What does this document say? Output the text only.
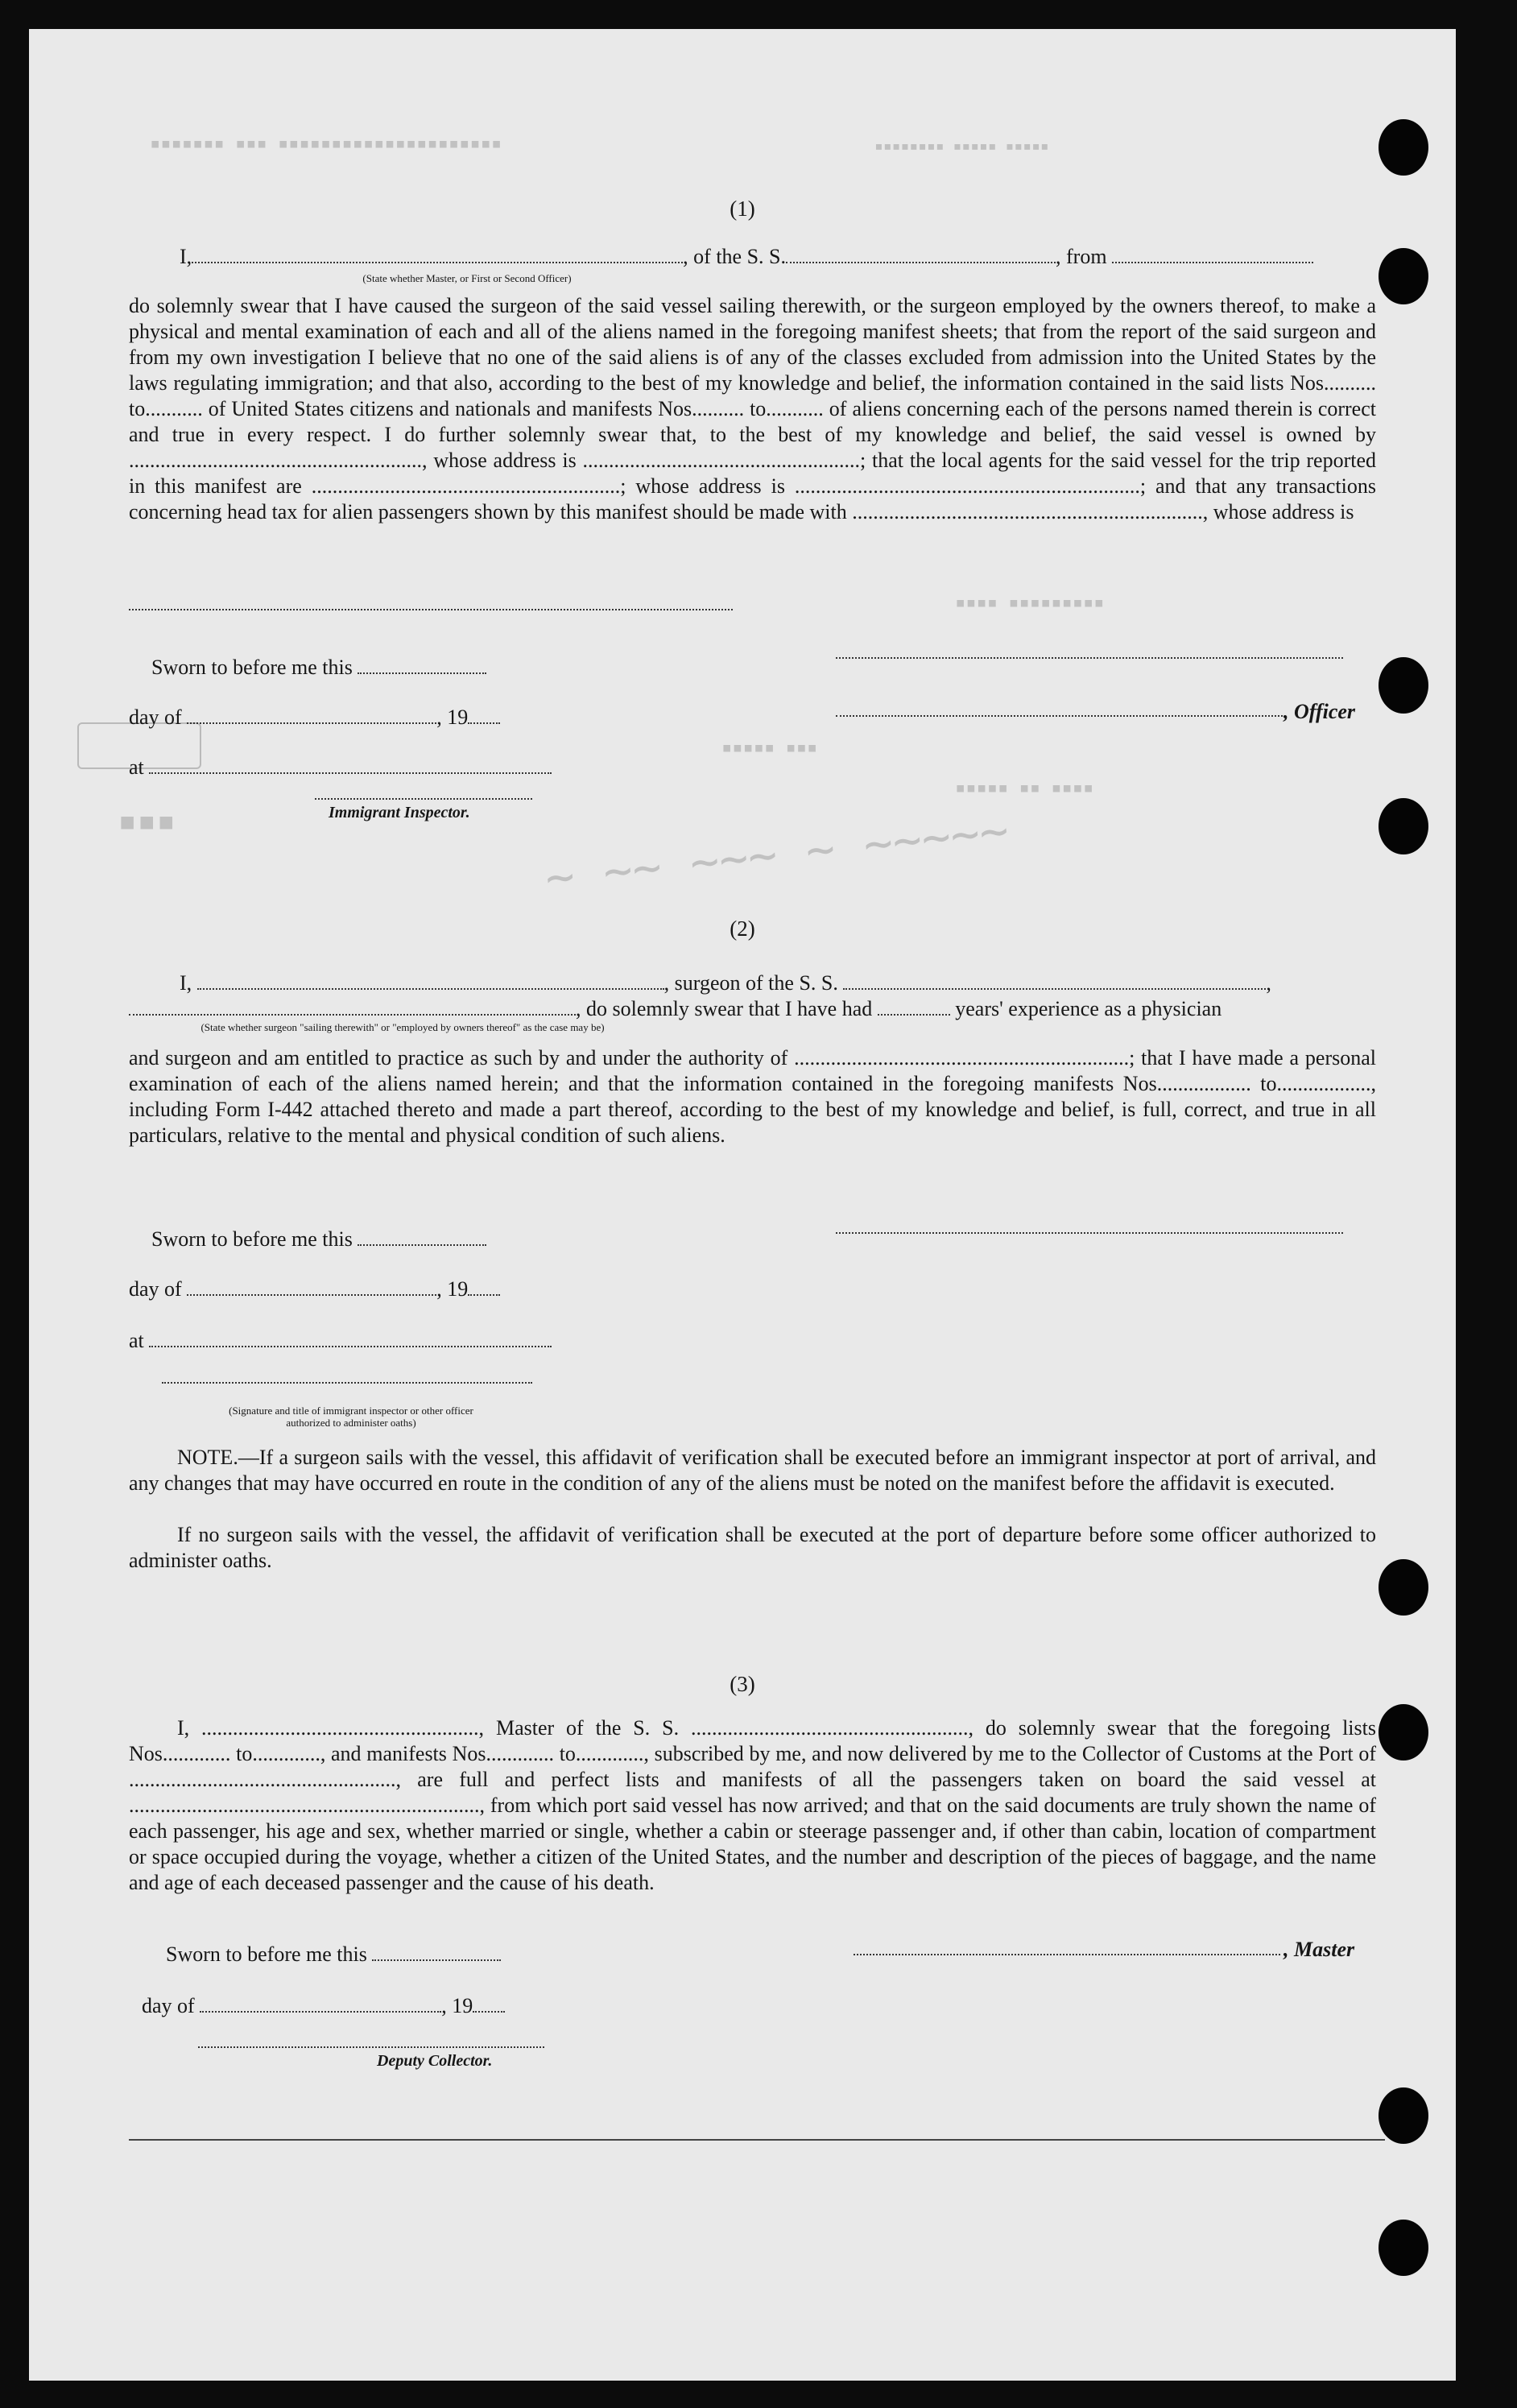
▪▪▪▪▪▪▪ ▪▪▪ ▪▪▪▪▪▪▪▪▪▪▪▪▪▪▪▪▪▪▪▪▪	▪▪▪▪▪▪▪▪ ▪▪▪▪▪ ▪▪▪▪▪
~ ~~ ~~~ ~ ~~~~~
▪▪▪▪ ▪▪▪▪▪▪▪▪▪
▪▪▪▪▪ ▪▪ ▪▪▪▪
▪▪▪▪▪ ▪▪▪
▪▪▪
(1)
I,	, of the S. S.	, from
(State whether Master, or First or Second Officer)
do solemnly swear that I have caused the surgeon of the said vessel sailing therewith, or the surgeon employed by the owners thereof, to make a physical and mental examination of each and all of the aliens named in the foregoing manifest sheets; that from the report of the said surgeon and from my own investigation I believe that no one of the said aliens is of any of the classes excluded from admission into the United States by the laws regulating immigration; and that also, according to the best of my knowledge and belief, the information contained in the said lists Nos.......... to........... of United States citizens and nationals and manifests Nos.......... to........... of aliens concerning each of the persons named therein is correct and true in every respect. I do further solemnly swear that, to the best of my knowledge and belief, the said vessel is owned by ........................................................, whose address is .....................................................; that the local agents for the said vessel for the trip reported in this manifest are ...........................................................; whose address is ..................................................................; and that any transactions concerning head tax for alien passengers shown by this manifest should be made with ..................................................................., whose address is
Sworn to before me this
day of	, 19	, Officer
at
Immigrant Inspector.
(2)
I,	, surgeon of the S. S.	,
, do solemnly swear that I have had	years' experience as a physician
(State whether surgeon "sailing therewith" or "employed by owners thereof" as the case may be)
and surgeon and am entitled to practice as such by and under the authority of ................................................................; that I have made a personal examination of each of the aliens named herein; and that the information contained in the foregoing manifests Nos.................. to.................., including Form I-442 attached thereto and made a part thereof, according to the best of my knowledge and belief, is full, correct, and true in all particulars, relative to the mental and physical condition of such aliens.
Sworn to before me this
day of	, 19
at
(Signature and title of immigrant inspector or other officer authorized to administer oaths)
NOTE.—If a surgeon sails with the vessel, this affidavit of verification shall be executed before an immigrant inspector at port of arrival, and any changes that may have occurred en route in the condition of any of the aliens must be noted on the manifest before the affidavit is executed.
If no surgeon sails with the vessel, the affidavit of verification shall be executed at the port of departure before some officer authorized to administer oaths.
(3)
I, ....................................................., Master of the S. S. ....................................................., do solemnly swear that the foregoing lists Nos............. to............., and manifests Nos............. to............., subscribed by me, and now delivered by me to the Collector of Customs at the Port of ..................................................., are full and perfect lists and manifests of all the passengers taken on board the said vessel at ..................................................................., from which port said vessel has now arrived; and that on the said documents are truly shown the name of each passenger, his age and sex, whether married or single, whether a cabin or steerage passenger and, if other than cabin, location of compartment or space occupied during the voyage, whether a citizen of the United States, and the number and description of the pieces of baggage, and the name and age of each deceased passenger and the cause of his death.
Sworn to before me this	, Master
day of	, 19
Deputy Collector.
